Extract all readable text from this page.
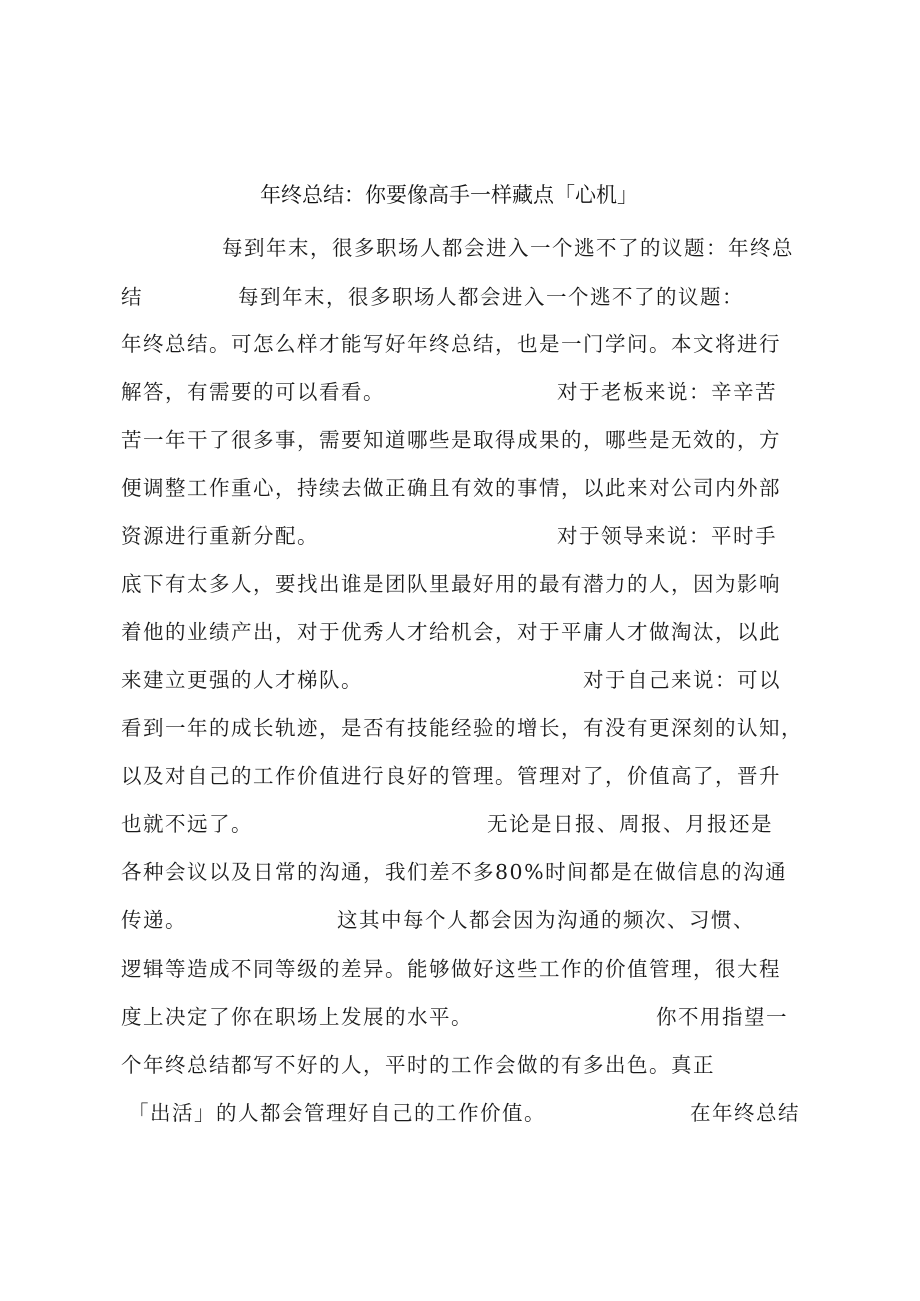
年终总结：你要像高手一样藏点「心机」
每到年末，很多职场人都会进入一个逃不了的议题：年终总
结	每到年末，很多职场人都会进入一个逃不了的议题：
年终总结。可怎么样才能写好年终总结，也是一门学问。本文将进行
解答，有需要的可以看看。	对于老板来说：辛辛苦
苦一年干了很多事，需要知道哪些是取得成果的，哪些是无效的，方
便调整工作重心，持续去做正确且有效的事情，以此来对公司内外部
资源进行重新分配。	对于领导来说：平时手
底下有太多人，要找出谁是团队里最好用的最有潜力的人，因为影响
着他的业绩产出，对于优秀人才给机会，对于平庸人才做淘汰，以此
来建立更强的人才梯队。	对于自己来说：可以
看到一年的成长轨迹，是否有技能经验的增长，有没有更深刻的认知，
以及对自己的工作价值进行良好的管理。管理对了，价值高了，晋升
也就不远了。	无论是日报、周报、月报还是
各种会议以及日常的沟通，我们差不多80%时间都是在做信息的沟通
传递。	这其中每个人都会因为沟通的频次、习惯、
逻辑等造成不同等级的差异。能够做好这些工作的价值管理，很大程
度上决定了你在职场上发展的水平。	你不用指望一
个年终总结都写不好的人，平时的工作会做的有多出色。真正
「出活」的人都会管理好自己的工作价值。	在年终总结
